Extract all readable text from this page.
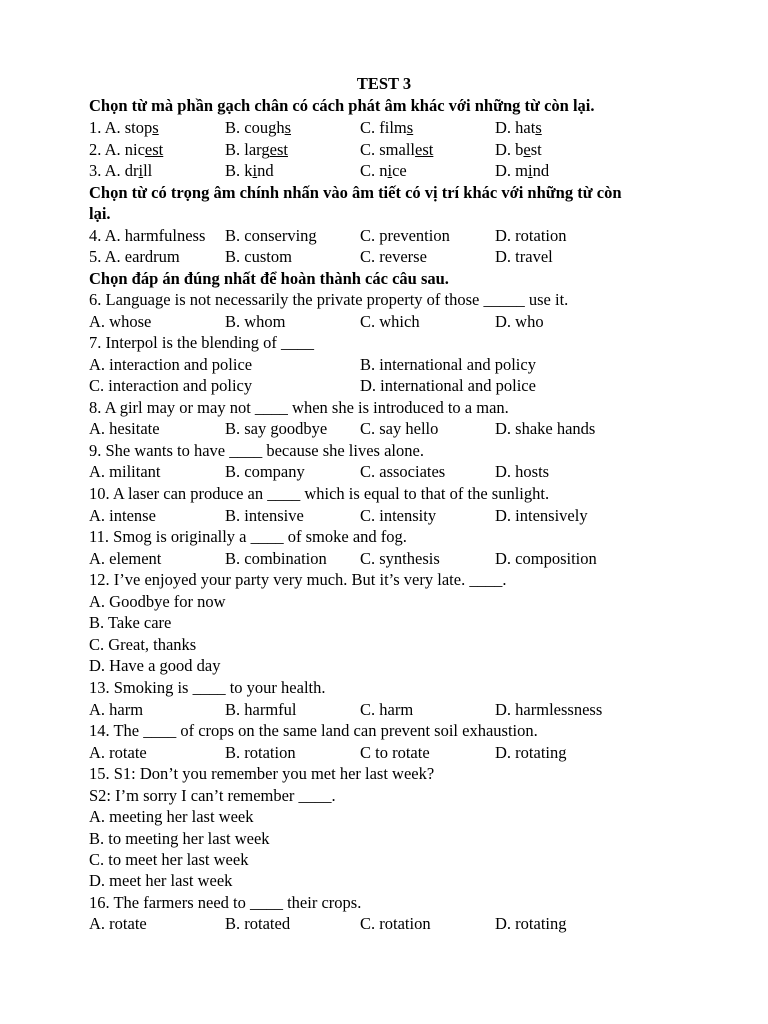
TEST 3
Chọn từ mà phần gạch chân có cách phát âm khác với những từ còn lại.
1. A. stops	B. coughs	C. films	D. hats
2. A. nicest	B. largest	C. smallest	D. best
3. A. drill	B. kind	C. nice	D. mind
Chọn từ có trọng âm chính nhấn vào âm tiết có vị trí khác với những từ còn
lại.
4. A. harmfulness B. conserving	C. prevention	D. rotation
5. A. eardrum	B. custom	C. reverse	D. travel
Chọn đáp án đúng nhất để hoàn thành các câu sau.
6. Language is not necessarily the private property of those _____ use it.
A. whose	B. whom	C. which	D. who
7. Interpol is the blending of ____
A. interaction and police	B. international and policy
C. interaction and policy	D. international and police
8. A girl may or may not ____ when she is introduced to a man.
A. hesitate	B. say goodbye C. say hello	D. shake hands
9. She wants to have ____ because she lives alone.
A. militant	B. company	C. associates	D. hosts
10. A laser can produce an ____ which is equal to that of the sunlight.
A. intense	B. intensive	C. intensity	D. intensively
11. Smog is originally a ____ of smoke and fog.
A. element	B. combination C. synthesis	D. composition
12. I’ve enjoyed your party very much. But it’s very late. ____.
A. Goodbye for now
B. Take care
C. Great, thanks
D. Have a good day
13. Smoking is ____ to your health.
A. harm	B. harmful	C. harm	D. harmlessness
14. The ____ of crops on the same land can prevent soil exhaustion.
A. rotate	B. rotation	C to rotate	D. rotating
15. S1: Don’t you remember you met her last week?
S2: I’m sorry I can’t remember ____.
A. meeting her last week
B. to meeting her last week
C. to meet her last week
D. meet her last week
16. The farmers need to ____ their crops.
A. rotate	B. rotated	C. rotation	D. rotating
